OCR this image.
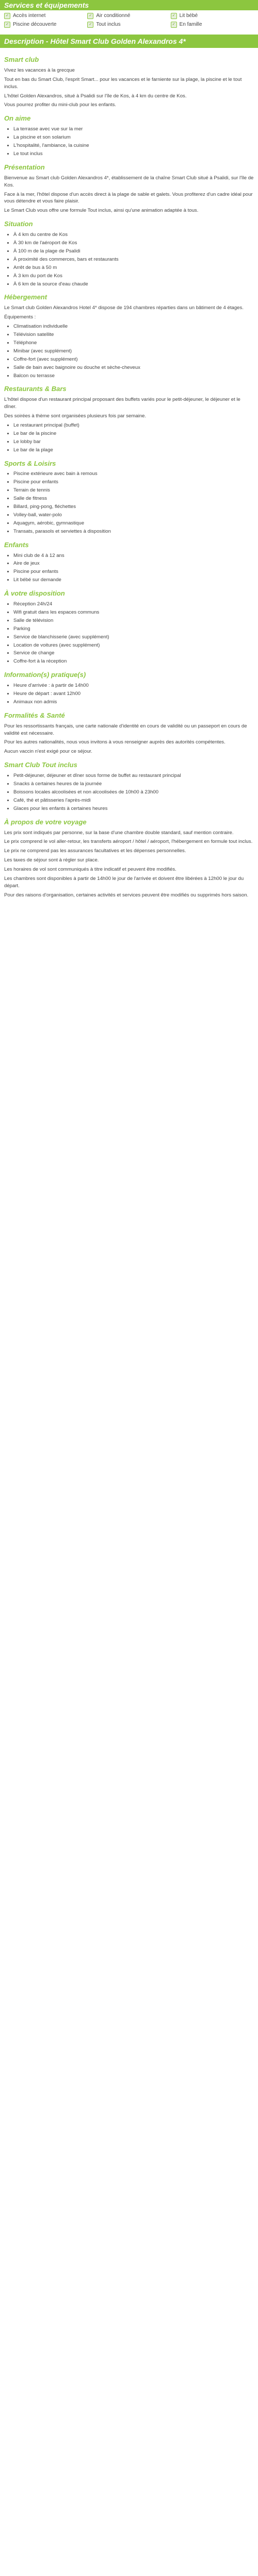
Services et équipements
✓ Accès internet	✓ Air conditionné	✓ Lit bébé
✓ Piscine découverte	✓ Tout inclus	✓ En famille
Description - Hôtel Smart Club Golden Alexandros 4*
Smart club

Vivez les vacances à la grecque

Tout en bas du Smart Club, l'esprit Smart... pour les vacances et le farniente sur la plage, la piscine et le tout inclus.

L'hôtel Golden Alexandros, situé à Psalidi sur l'île de Kos, à 4 km du centre de Kos.

Vous pourrez profiter du mini-club pour les enfants.

On aime
• La terrasse avec vue sur la mer
• La piscine et son solarium
• L'hospitalité, l'ambiance, la cuisine
• Le tout inclus
Présentation

Bienvenue au Smart club Golden Alexandros 4*, établissement de la chaîne Smart Club situé à Psalidi, sur l'île de Kos.

Face à la mer, l'hôtel dispose d'un accès direct à la plage de sable et galets. Vous profiterez d'un cadre idéal pour vous détendre et vous faire plaisir.

Le Smart Club vous offre une formule Tout inclus, ainsi qu'une animation adaptée à tous.

Situation
• À 4 km du centre de Kos
• À 30 km de l'aéroport de Kos
• À 100 m de la plage de Psalidi
• À proximité des commerces, bars et restaurants
• Arrêt de bus à 50 m
• À 3 km du port de Kos
• À 6 km de la source d'eau chaude
Hébergement

Le Smart club Golden Alexandros Hotel 4* dispose de 194 chambres réparties dans un bâtiment de 4 étages.

Équipements :

• Climatisation individuelle
• Télévision satellite
• Téléphone
• Minibar (avec supplément)
• Coffre-fort (avec supplément)
• Salle de bain avec baignoire ou douche et sèche-cheveux
• Balcon ou terrasse
Restaurants & Bars

L'hôtel dispose d'un restaurant principal proposant des buffets variés pour le petit-déjeuner, le déjeuner et le dîner.

Des soirées à thème sont organisées plusieurs fois par semaine.

• Le restaurant principal (buffet)
• Le bar de la piscine
• Le lobby bar
• Le bar de la plage
Sports & Loisirs
• Piscine extérieure avec bain à remous
• Piscine pour enfants
• Terrain de tennis
• Salle de fitness
• Billard, ping-pong, fléchettes
• Volley-ball, water-polo
• Aquagym, aérobic, gymnastique
• Transats, parasols et serviettes à disposition
Enfants
• Mini club de 4 à 12 ans
• Aire de jeux
• Piscine pour enfants
• Lit bébé sur demande
À votre disposition
• Réception 24h/24
• Wifi gratuit dans les espaces communs
• Salle de télévision
• Parking
• Service de blanchisserie (avec supplément)
• Location de voitures (avec supplément)
• Service de change
• Coffre-fort à la réception
Information(s) pratique(s)
• Heure d'arrivée : à partir de 14h00
• Heure de départ : avant 12h00
• Animaux non admis
Formalités & Santé

Pour les ressortissants français, une carte nationale d'identité en cours de validité ou un passeport en cours de validité est nécessaire.

Pour les autres nationalités, nous vous invitons à vous renseigner auprès des autorités compétentes.

Aucun vaccin n'est exigé pour ce séjour.

Smart Club Tout inclus
• Petit-déjeuner, déjeuner et dîner sous forme de buffet au restaurant principal
• Snacks à certaines heures de la journée
• Boissons locales alcoolisées et non alcoolisées de 10h00 à 23h00
• Café, thé et pâtisseries l'après-midi
• Glaces pour les enfants à certaines heures
À propos de votre voyage

Les prix sont indiqués par personne, sur la base d'une chambre double standard, sauf mention contraire.

Le prix comprend le vol aller-retour, les transferts aéroport / hôtel / aéroport, l'hébergement en formule tout inclus.

Le prix ne comprend pas les assurances facultatives et les dépenses personnelles.

Les taxes de séjour sont à régler sur place.

Les horaires de vol sont communiqués à titre indicatif et peuvent être modifiés.

Les chambres sont disponibles à partir de 14h00 le jour de l'arrivée et doivent être libérées à 12h00 le jour du départ.

Pour des raisons d'organisation, certaines activités et services peuvent être modifiés ou supprimés hors saison.
